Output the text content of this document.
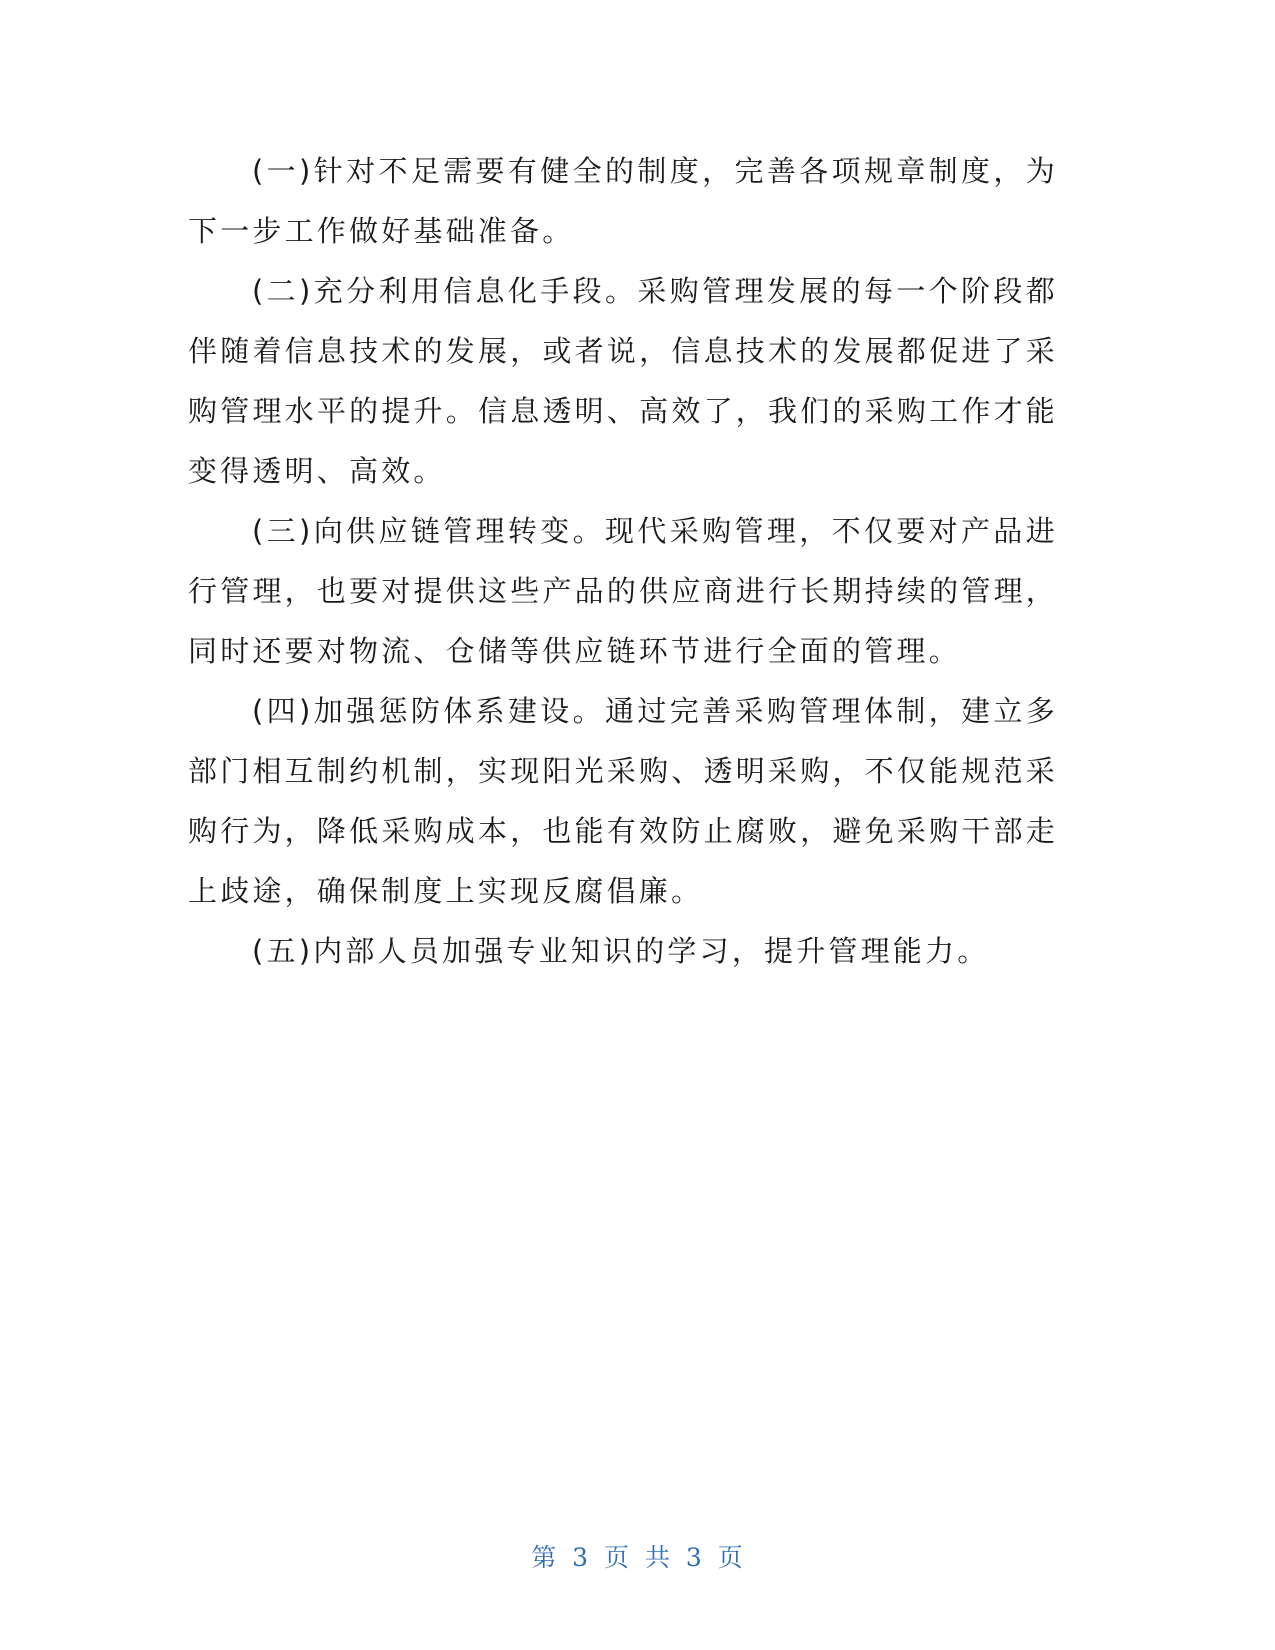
(一)针对不足需要有健全的制度，完善各项规章制度，为下一步工作做好基础准备。

(二)充分利用信息化手段。采购管理发展的每一个阶段都伴随着信息技术的发展，或者说，信息技术的发展都促进了采购管理水平的提升。信息透明、高效了，我们的采购工作才能变得透明、高效。

(三)向供应链管理转变。现代采购管理，不仅要对产品进行管理，也要对提供这些产品的供应商进行长期持续的管理，同时还要对物流、仓储等供应链环节进行全面的管理。

(四)加强惩防体系建设。通过完善采购管理体制，建立多部门相互制约机制，实现阳光采购、透明采购，不仅能规范采购行为，降低采购成本，也能有效防止腐败，避免采购干部走上歧途，确保制度上实现反腐倡廉。

(五)内部人员加强专业知识的学习，提升管理能力。

第 3 页 共 3 页
